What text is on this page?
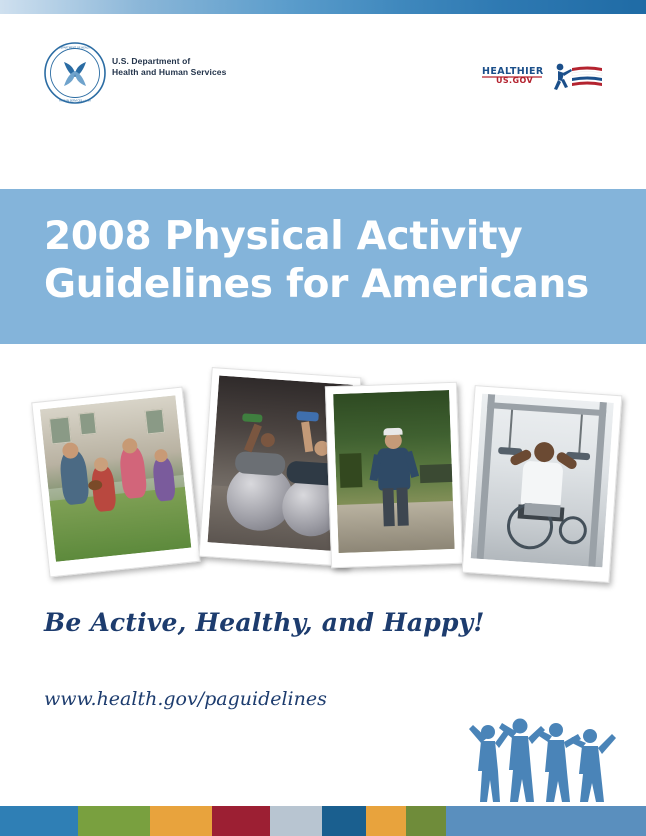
DEPARTMENT OF HEALTH
HUMAN SERVICES • USA
U.S. Department of
Health and Human Services	HEALTHIER
US.GOV
2008 Physical Activity
Guidelines for Americans
Be Active, Healthy, and Happy!
www.health.gov/paguidelines
